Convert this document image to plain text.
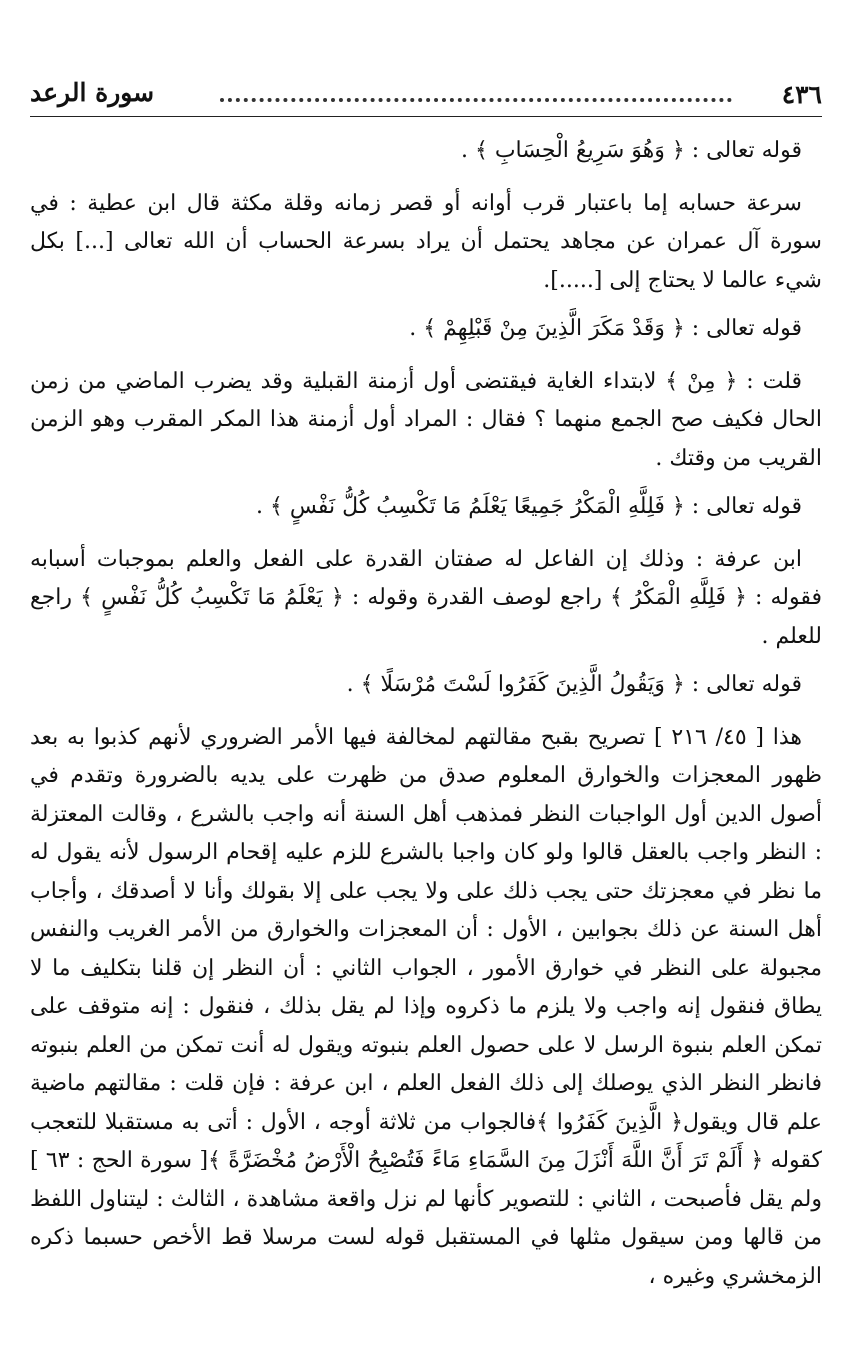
٤٣٦
سورة الرعد

قوله تعالى : ﴿ وَهُوَ سَرِيعُ الْحِسَابِ ﴾ .

سرعة حسابه إما باعتبار قرب أوانه أو قصر زمانه وقلة مكثة قال ابن عطية : في سورة آل عمران عن مجاهد يحتمل أن يراد بسرعة الحساب أن الله تعالى [...] بكل شيء عالما لا يحتاج إلى [.....].

قوله تعالى : ﴿ وَقَدْ مَكَرَ الَّذِينَ مِنْ قَبْلِهِمْ ﴾ .

قلت : ﴿ مِنْ ﴾ لابتداء الغاية فيقتضى أول أزمنة القبلية وقد يضرب الماضي من زمن الحال فكيف صح الجمع منهما ؟ فقال : المراد أول أزمنة هذا المكر المقرب وهو الزمن القريب من وقتك .

قوله تعالى : ﴿ فَلِلَّهِ الْمَكْرُ جَمِيعًا يَعْلَمُ مَا تَكْسِبُ كُلُّ نَفْسٍ ﴾ .

ابن عرفة : وذلك إن الفاعل له صفتان القدرة على الفعل والعلم بموجبات أسبابه فقوله : ﴿ فَلِلَّهِ الْمَكْرُ ﴾ راجع لوصف القدرة وقوله : ﴿ يَعْلَمُ مَا تَكْسِبُ كُلُّ نَفْسٍ ﴾ راجع للعلم .

قوله تعالى : ﴿ وَيَقُولُ الَّذِينَ كَفَرُوا لَسْتَ مُرْسَلًا ﴾ .

هذا [ ٤٥/ ٢١٦ ] تصريح بقبح مقالتهم لمخالفة فيها الأمر الضروري لأنهم كذبوا به بعد ظهور المعجزات والخوارق المعلوم صدق من ظهرت على يديه بالضرورة وتقدم في أصول الدين أول الواجبات النظر فمذهب أهل السنة أنه واجب بالشرع ، وقالت المعتزلة : النظر واجب بالعقل قالوا ولو كان واجبا بالشرع للزم عليه إقحام الرسول لأنه يقول له ما نظر في معجزتك حتى يجب ذلك على ولا يجب على إلا بقولك وأنا لا أصدقك ، وأجاب أهل السنة عن ذلك بجوابين ، الأول : أن المعجزات والخوارق من الأمر الغريب والنفس مجبولة على النظر في خوارق الأمور ، الجواب الثاني : أن النظر إن قلنا بتكليف ما لا يطاق فنقول إنه واجب ولا يلزم ما ذكروه وإذا لم يقل بذلك ، فنقول : إنه متوقف على تمكن العلم بنبوة الرسل لا على حصول العلم بنبوته ويقول له أنت تمكن من العلم بنبوته فانظر النظر الذي يوصلك إلى ذلك الفعل العلم ، ابن عرفة : فإن قلت : مقالتهم ماضية علم قال ويقول﴿ الَّذِينَ كَفَرُوا ﴾فالجواب من ثلاثة أوجه ، الأول : أتى به مستقبلا للتعجب كقوله ﴿ أَلَمْ تَرَ أَنَّ اللَّهَ أَنْزَلَ مِنَ السَّمَاءِ مَاءً فَتُصْبِحُ الْأَرْضُ مُخْضَرَّةً ﴾[ سورة الحج : ٦٣ ] ولم يقل فأصبحت ، الثاني : للتصوير كأنها لم نزل واقعة مشاهدة ، الثالث : ليتناول اللفظ من قالها ومن سيقول مثلها في المستقبل قوله لست مرسلا قط الأخص حسبما ذكره الزمخشري وغيره ،
